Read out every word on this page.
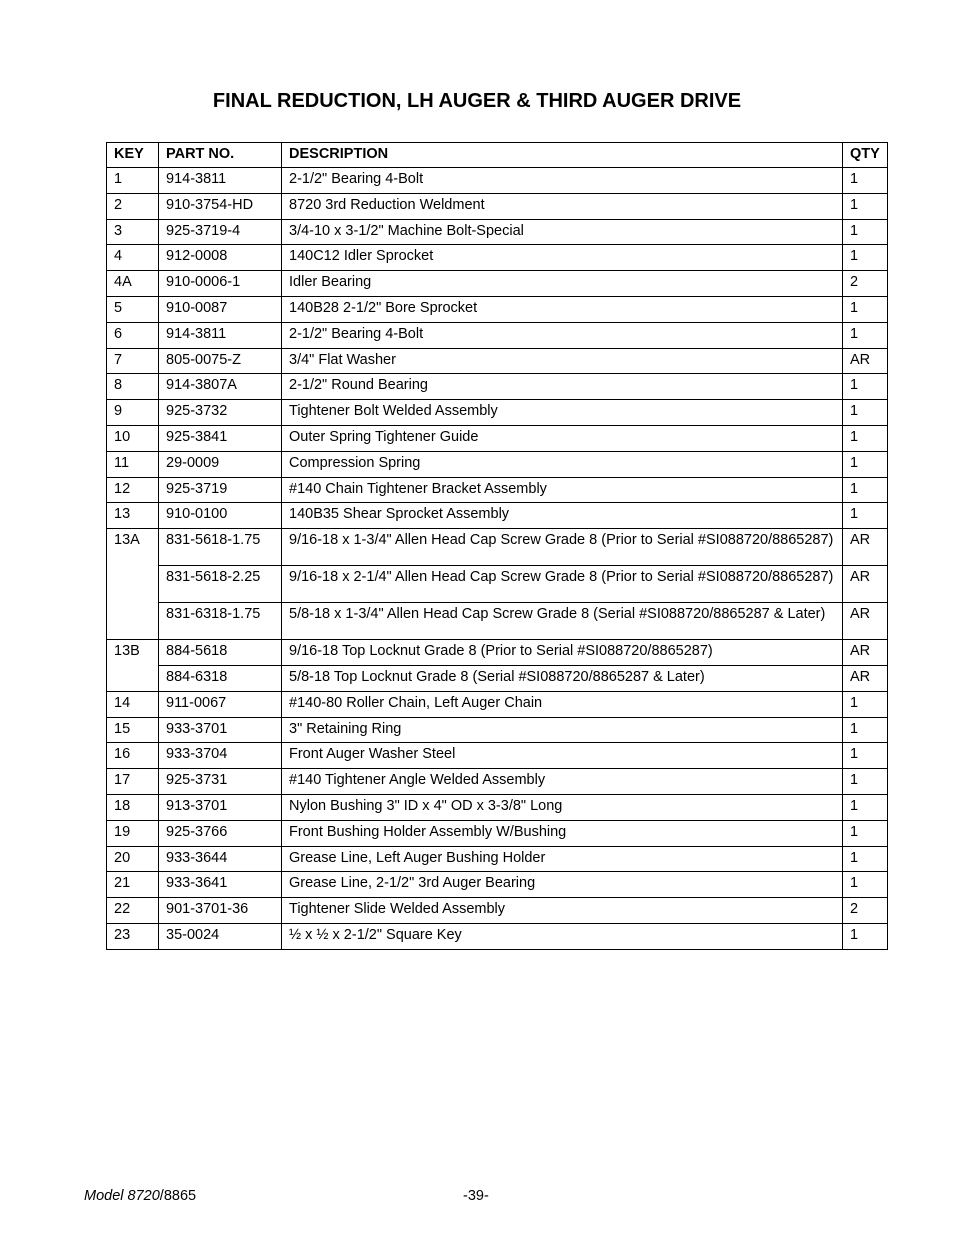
FINAL REDUCTION, LH AUGER & THIRD AUGER DRIVE
KEY	PART NO.	DESCRIPTION	QTY
1	914-3811	2-1/2" Bearing 4-Bolt	1
2	910-3754-HD	8720 3rd Reduction Weldment	1
3	925-3719-4	3/4-10 x 3-1/2" Machine Bolt-Special	1
4	912-0008	140C12 Idler Sprocket	1
4A	910-0006-1	Idler Bearing	2
5	910-0087	140B28 2-1/2" Bore Sprocket	1
6	914-3811	2-1/2" Bearing 4-Bolt	1
7	805-0075-Z	3/4" Flat Washer	AR
8	914-3807A	2-1/2" Round Bearing	1
9	925-3732	Tightener Bolt Welded Assembly	1
10	925-3841	Outer Spring Tightener Guide	1
11	29-0009	Compression Spring	1
12	925-3719	#140 Chain Tightener Bracket Assembly	1
13	910-0100	140B35 Shear Sprocket Assembly	1
13A	831-5618-1.75	9/16-18 x 1-3/4" Allen Head Cap Screw Grade 8 (Prior to Serial #SI088720/8865287)	AR
	831-5618-2.25	9/16-18 x 2-1/4" Allen Head Cap Screw Grade 8 (Prior to Serial #SI088720/8865287)	AR
	831-6318-1.75	5/8-18 x 1-3/4" Allen Head Cap Screw Grade 8 (Serial #SI088720/8865287 & Later)	AR
13B	884-5618	9/16-18 Top Locknut Grade 8 (Prior to Serial #SI088720/8865287)	AR
	884-6318	5/8-18 Top Locknut Grade 8 (Serial #SI088720/8865287 & Later)	AR
14	911-0067	#140-80 Roller Chain, Left Auger Chain	1
15	933-3701	3" Retaining Ring	1
16	933-3704	Front Auger Washer Steel	1
17	925-3731	#140 Tightener Angle Welded Assembly	1
18	913-3701	Nylon Bushing 3" ID x 4" OD x 3-3/8" Long	1
19	925-3766	Front Bushing Holder Assembly W/Bushing	1
20	933-3644	Grease Line, Left Auger Bushing Holder	1
21	933-3641	Grease Line, 2-1/2" 3rd Auger Bearing	1
22	901-3701-36	Tightener Slide Welded Assembly	2
23	35-0024	½ x ½ x 2-1/2" Square Key	1
Model 8720/8865	-39-
